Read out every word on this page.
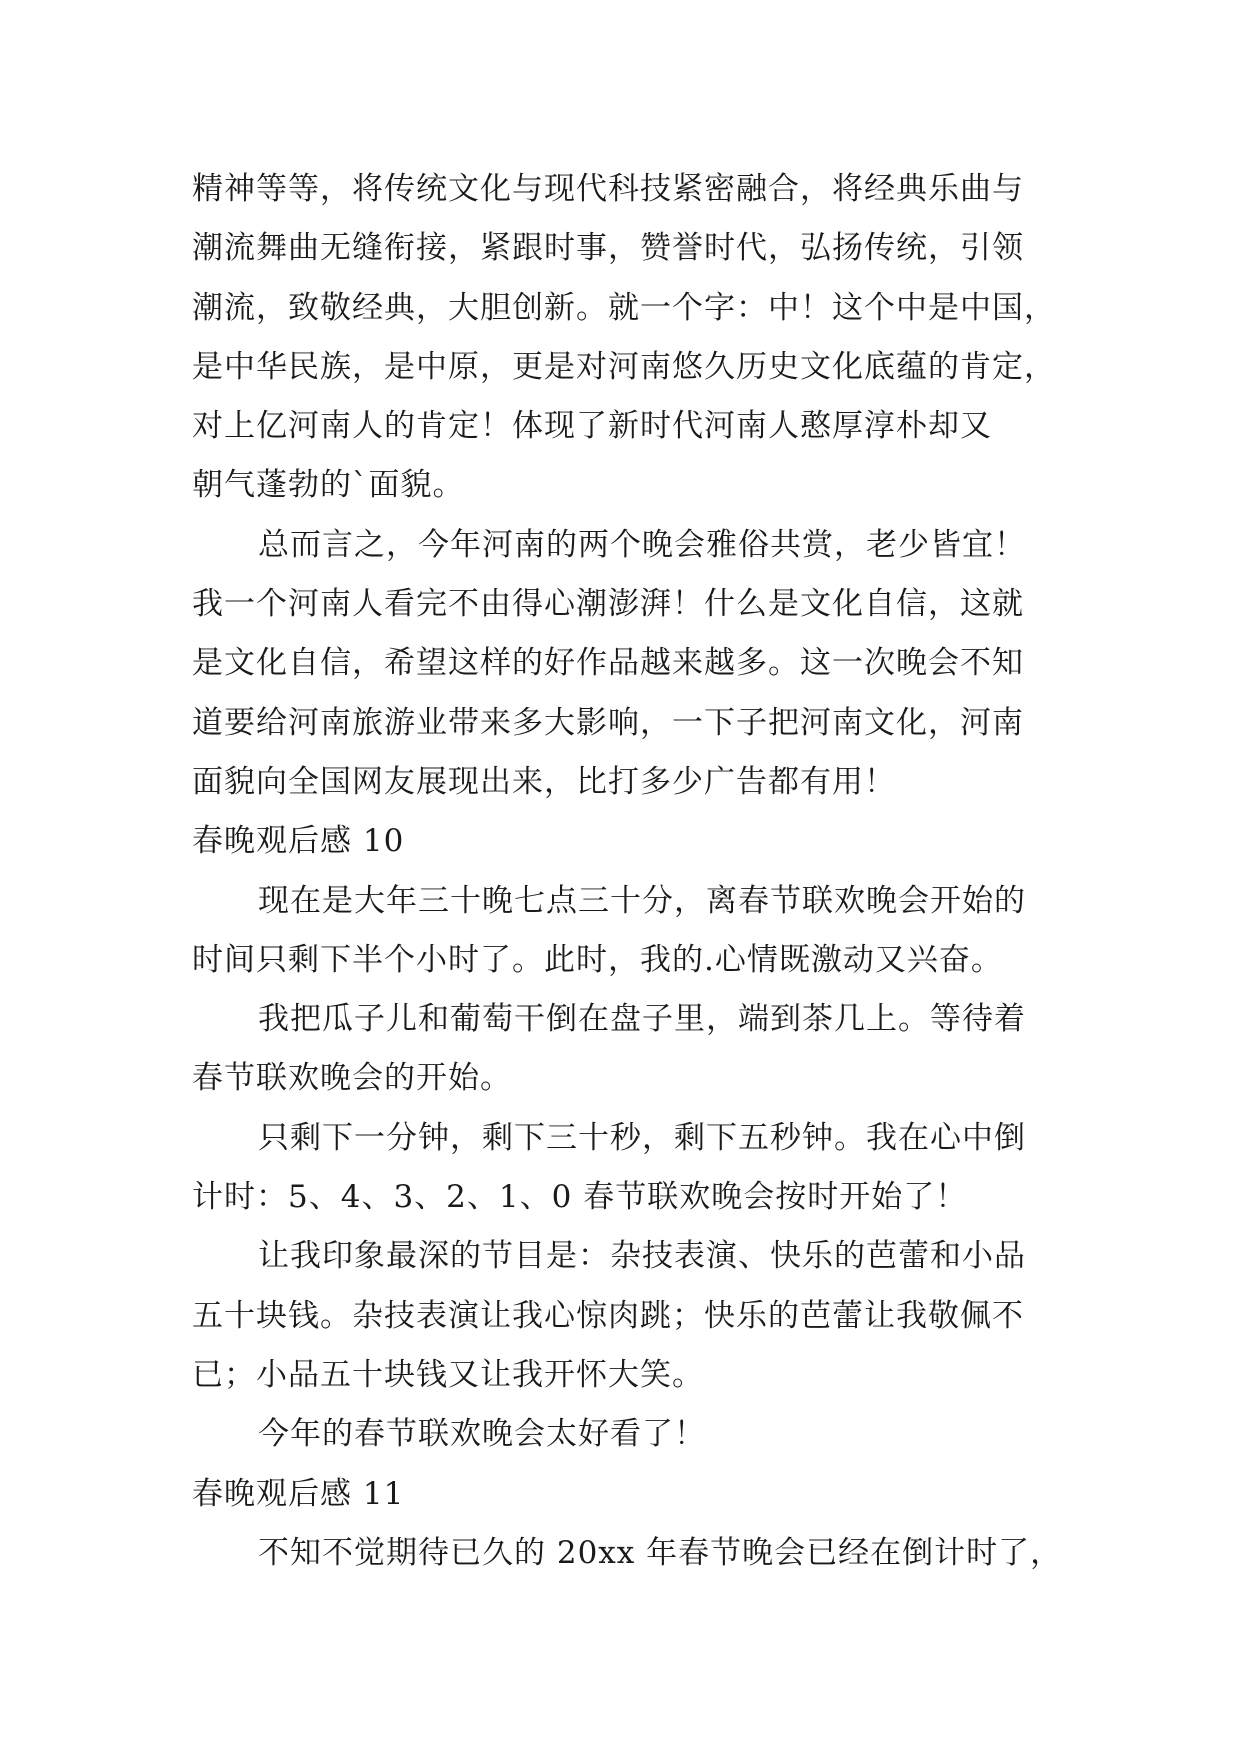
精神等等，将传统文化与现代科技紧密融合，将经典乐曲与
潮流舞曲无缝衔接，紧跟时事，赞誉时代，弘扬传统，引领
潮流，致敬经典，大胆创新。就一个字：中！这个中是中国，
是中华民族，是中原，更是对河南悠久历史文化底蕴的肯定，
对上亿河南人的肯定！体现了新时代河南人憨厚淳朴却又
朝气蓬勃的`面貌。
总而言之，今年河南的两个晚会雅俗共赏，老少皆宜！
我一个河南人看完不由得心潮澎湃！什么是文化自信，这就
是文化自信，希望这样的好作品越来越多。这一次晚会不知
道要给河南旅游业带来多大影响，一下子把河南文化，河南
面貌向全国网友展现出来，比打多少广告都有用！
春晚观后感 10
现在是大年三十晚七点三十分，离春节联欢晚会开始的
时间只剩下半个小时了。此时，我的.心情既激动又兴奋。
我把瓜子儿和葡萄干倒在盘子里，端到茶几上。等待着
春节联欢晚会的开始。
只剩下一分钟，剩下三十秒，剩下五秒钟。我在心中倒
计时：5、4、3、2、1、0 春节联欢晚会按时开始了！
让我印象最深的节目是：杂技表演、快乐的芭蕾和小品
五十块钱。杂技表演让我心惊肉跳；快乐的芭蕾让我敬佩不
已；小品五十块钱又让我开怀大笑。
今年的春节联欢晚会太好看了！
春晚观后感 11
不知不觉期待已久的 20xx 年春节晚会已经在倒计时了，
